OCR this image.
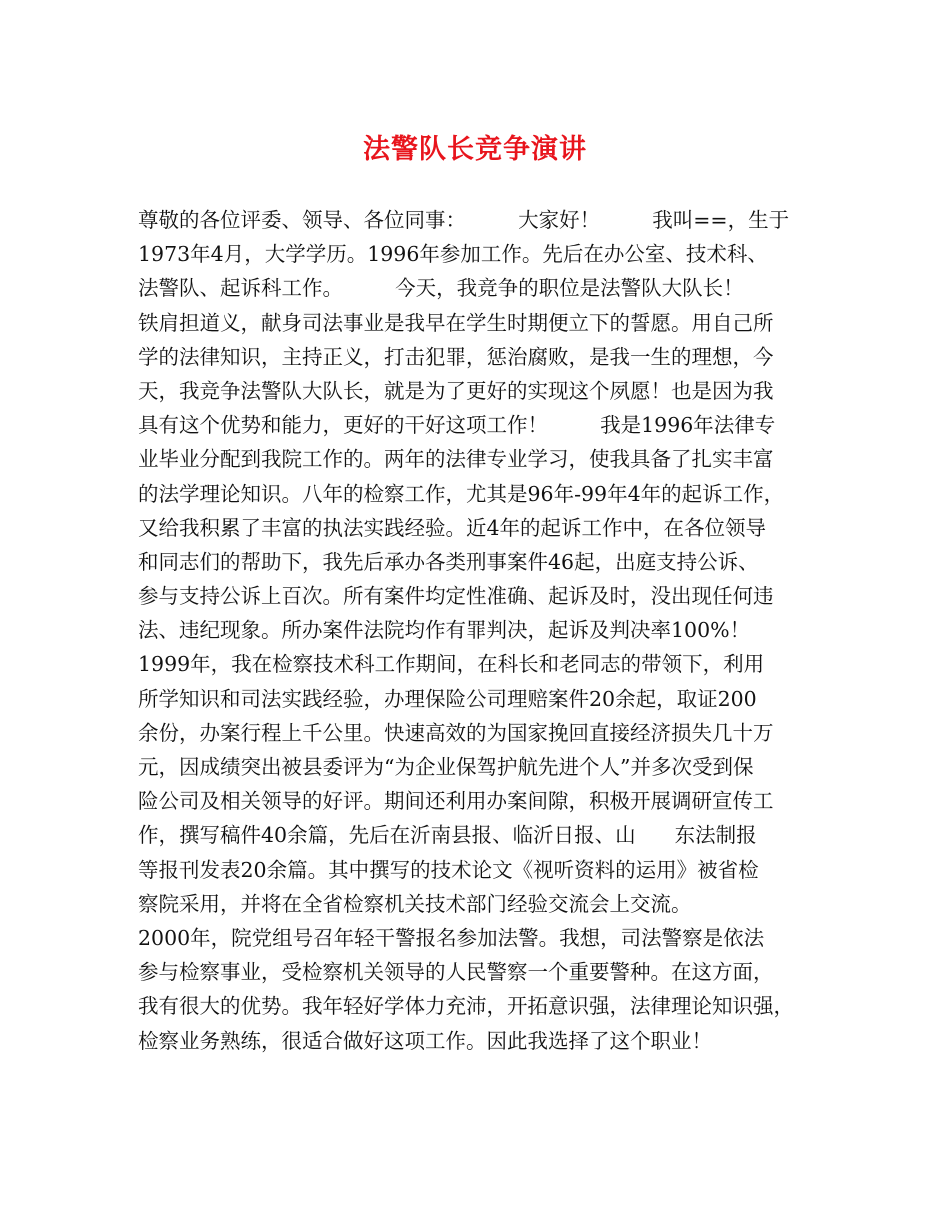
法警队长竞争演讲
尊敬的各位评委、领导、各位同事：        大家好！        我叫==，生于
1973年4月，大学学历。1996年参加工作。先后在办公室、技术科、
法警队、起诉科工作。        今天，我竞争的职位是法警队大队长！
铁肩担道义，献身司法事业是我早在学生时期便立下的誓愿。用自己所
学的法律知识，主持正义，打击犯罪，惩治腐败，是我一生的理想，今
天，我竞争法警队大队长，就是为了更好的实现这个夙愿！也是因为我
具有这个优势和能力，更好的干好这项工作！        我是1996年法律专
业毕业分配到我院工作的。两年的法律专业学习，使我具备了扎实丰富
的法学理论知识。八年的检察工作，尤其是96年-99年4年的起诉工作，
又给我积累了丰富的执法实践经验。近4年的起诉工作中，在各位领导
和同志们的帮助下，我先后承办各类刑事案件46起，出庭支持公诉、
参与支持公诉上百次。所有案件均定性准确、起诉及时，没出现任何违
法、违纪现象。所办案件法院均作有罪判决，起诉及判决率100%！
1999年，我在检察技术科工作期间，在科长和老同志的带领下，利用
所学知识和司法实践经验，办理保险公司理赔案件20余起，取证200
余份，办案行程上千公里。快速高效的为国家挽回直接经济损失几十万
元，因成绩突出被县委评为“为企业保驾护航先进个人”并多次受到保
险公司及相关领导的好评。期间还利用办案间隙，积极开展调研宣传工
作，撰写稿件40余篇，先后在沂南县报、临沂日报、山      东法制报
等报刊发表20余篇。其中撰写的技术论文《视听资料的运用》被省检
察院采用，并将在全省检察机关技术部门经验交流会上交流。
2000年，院党组号召年轻干警报名参加法警。我想，司法警察是依法
参与检察事业，受检察机关领导的人民警察一个重要警种。在这方面，
我有很大的优势。我年轻好学体力充沛，开拓意识强，法律理论知识强，
检察业务熟练，很适合做好这项工作。因此我选择了这个职业！
